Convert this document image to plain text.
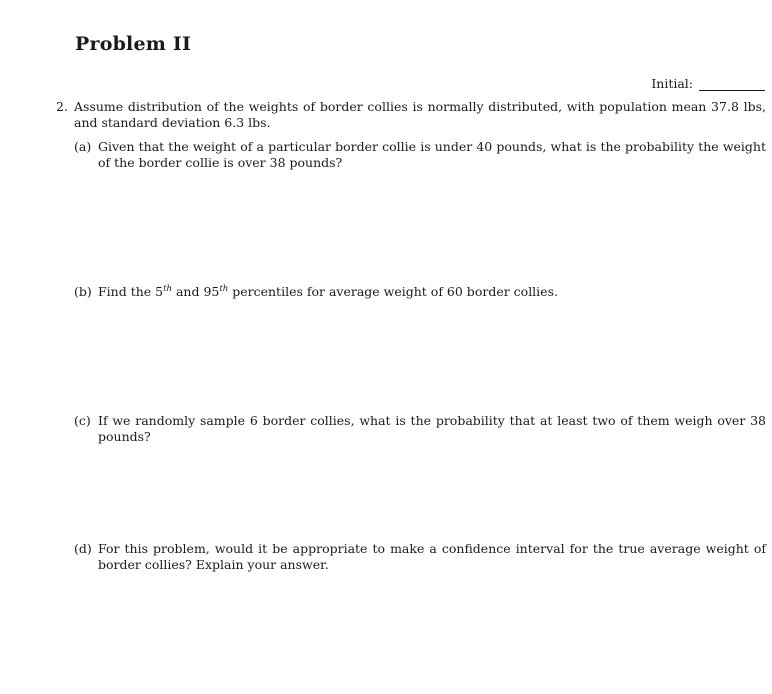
Problem II
Initial:
2. Assume distribution of the weights of border collies is normally distributed, with population mean 37.8 lbs, and standard deviation 6.3 lbs.
(a) Given that the weight of a particular border collie is under 40 pounds, what is the probability the weight of the border collie is over 38 pounds?
(b) Find the 5th and 95th percentiles for average weight of 60 border collies.
(c) If we randomly sample 6 border collies, what is the probability that at least two of them weigh over 38 pounds?
(d) For this problem, would it be appropriate to make a confidence interval for the true average weight of border collies? Explain your answer.
